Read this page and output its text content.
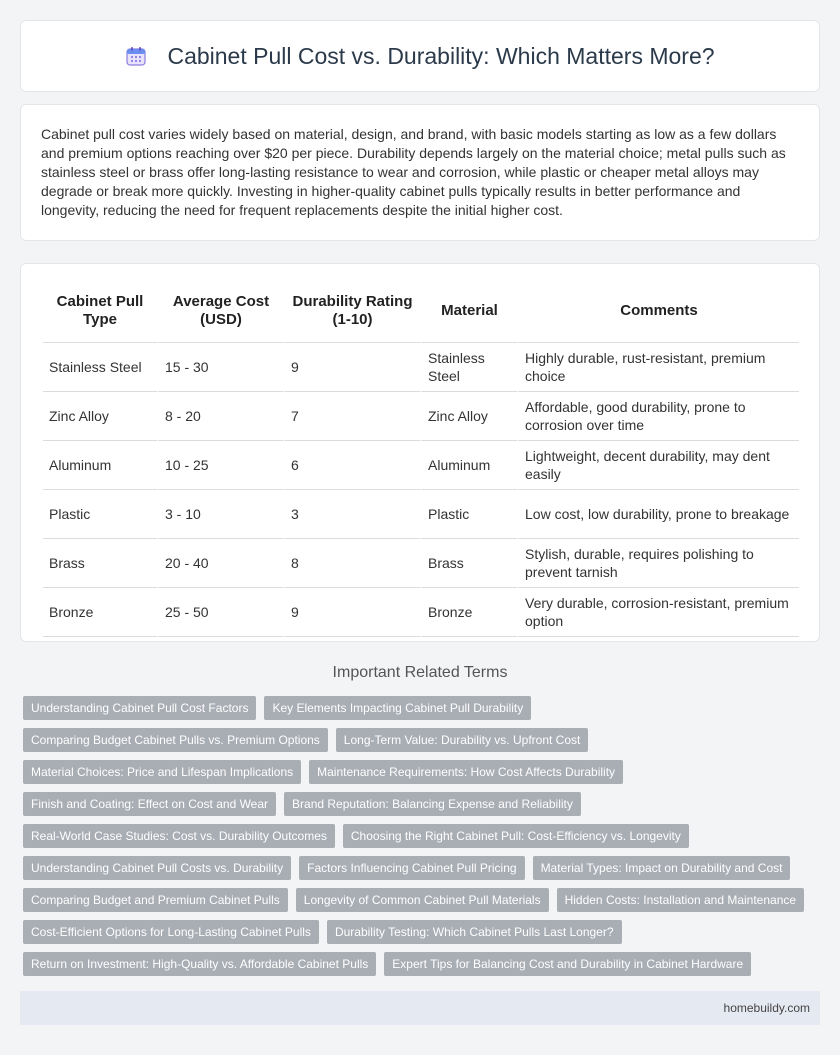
Cabinet Pull Cost vs. Durability: Which Matters More?

Cabinet pull cost varies widely based on material, design, and brand, with basic models starting as low as a few dollars and premium options reaching over $20 per piece. Durability depends largely on the material choice; metal pulls such as stainless steel or brass offer long-lasting resistance to wear and corrosion, while plastic or cheaper metal alloys may degrade or break more quickly. Investing in higher-quality cabinet pulls typically results in better performance and longevity, reducing the need for frequent replacements despite the initial higher cost.

Cabinet Pull Type	Average Cost (USD)	Durability Rating (1-10)	Material	Comments
Stainless Steel	15 - 30	9	Stainless Steel	Highly durable, rust-resistant, premium choice
Zinc Alloy	8 - 20	7	Zinc Alloy	Affordable, good durability, prone to corrosion over time
Aluminum	10 - 25	6	Aluminum	Lightweight, decent durability, may dent easily
Plastic	3 - 10	3	Plastic	Low cost, low durability, prone to breakage
Brass	20 - 40	8	Brass	Stylish, durable, requires polishing to prevent tarnish
Bronze	25 - 50	9	Bronze	Very durable, corrosion-resistant, premium option
Important Related Terms
Understanding Cabinet Pull Cost Factors	Key Elements Impacting Cabinet Pull Durability
Comparing Budget Cabinet Pulls vs. Premium Options	Long-Term Value: Durability vs. Upfront Cost
Material Choices: Price and Lifespan Implications	Maintenance Requirements: How Cost Affects Durability
Finish and Coating: Effect on Cost and Wear	Brand Reputation: Balancing Expense and Reliability
Real-World Case Studies: Cost vs. Durability Outcomes	Choosing the Right Cabinet Pull: Cost-Efficiency vs. Longevity
Understanding Cabinet Pull Costs vs. Durability	Factors Influencing Cabinet Pull Pricing	Material Types: Impact on Durability and Cost
Comparing Budget and Premium Cabinet Pulls	Longevity of Common Cabinet Pull Materials	Hidden Costs: Installation and Maintenance
Cost-Efficient Options for Long-Lasting Cabinet Pulls	Durability Testing: Which Cabinet Pulls Last Longer?
Return on Investment: High-Quality vs. Affordable Cabinet Pulls	Expert Tips for Balancing Cost and Durability in Cabinet Hardware
homebuildy.com
